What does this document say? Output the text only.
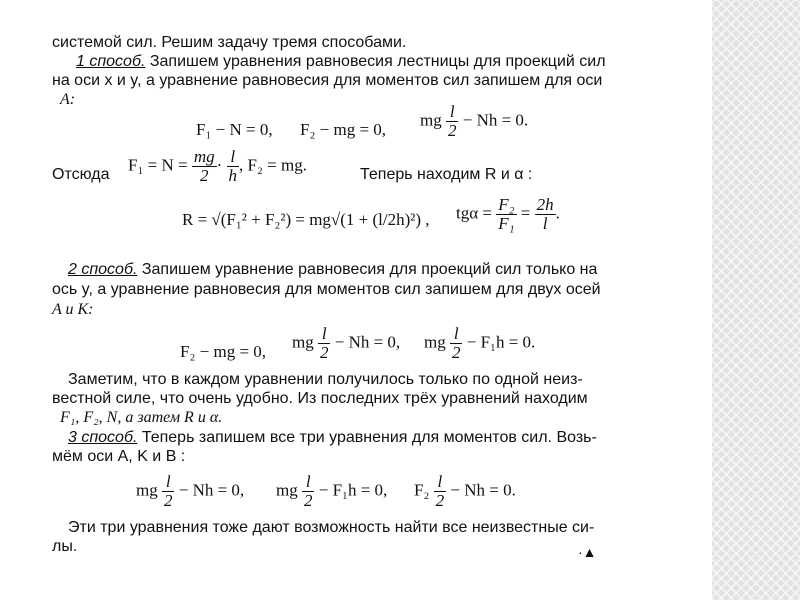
системой сил. Решим задачу тремя способами.
1 способ. Запишем уравнения равновесия лестницы для проекций сил
на оси x и y, а уравнение равновесия для моментов сил запишем для оси
A:
F₁ − N = 0, F₂ − mg = 0,
mg $\frac{l}{2} - Nh = 0$.
Отсюда
$F_1 = N = \frac{mg}{2} \cdot \frac{l}{h}$ , F₂ = mg.
Теперь находим R и α :
R = √(F₁² + F₂²) = mg√(1 + (l/2h)²) , $tg\alpha = \frac{\text{F₂}}{\text{F₁}} = \frac{2h}{l}$ .
2 способ. Запишем уравнение равновесия для проекций сил только на
ось y, а уравнение равновесия для моментов сил запишем для двух осей
A и K:
F₂ − mg = 0,
mg $\frac{l}{2} - Nh = 0$, mg $\frac{l}{2} - F_1h = 0$.
Заметим, что в каждом уравнении получилось только по одной неиз-
вестной силе, что очень удобно. Из последних трёх уравнений находим
F₁, F₂, N, а затем R и α.
3 способ. Теперь запишем все три уравнения для моментов сил. Возь-
мём оси A, K и B :
mg $\frac{l}{2} - Nh = 0$, mg $\frac{l}{2} - F_1h = 0$, $F_2 \frac{l}{2} - Nh = 0$.
Эти три уравнения тоже дают возможность найти все неизвестные си-
лы.	·▲
